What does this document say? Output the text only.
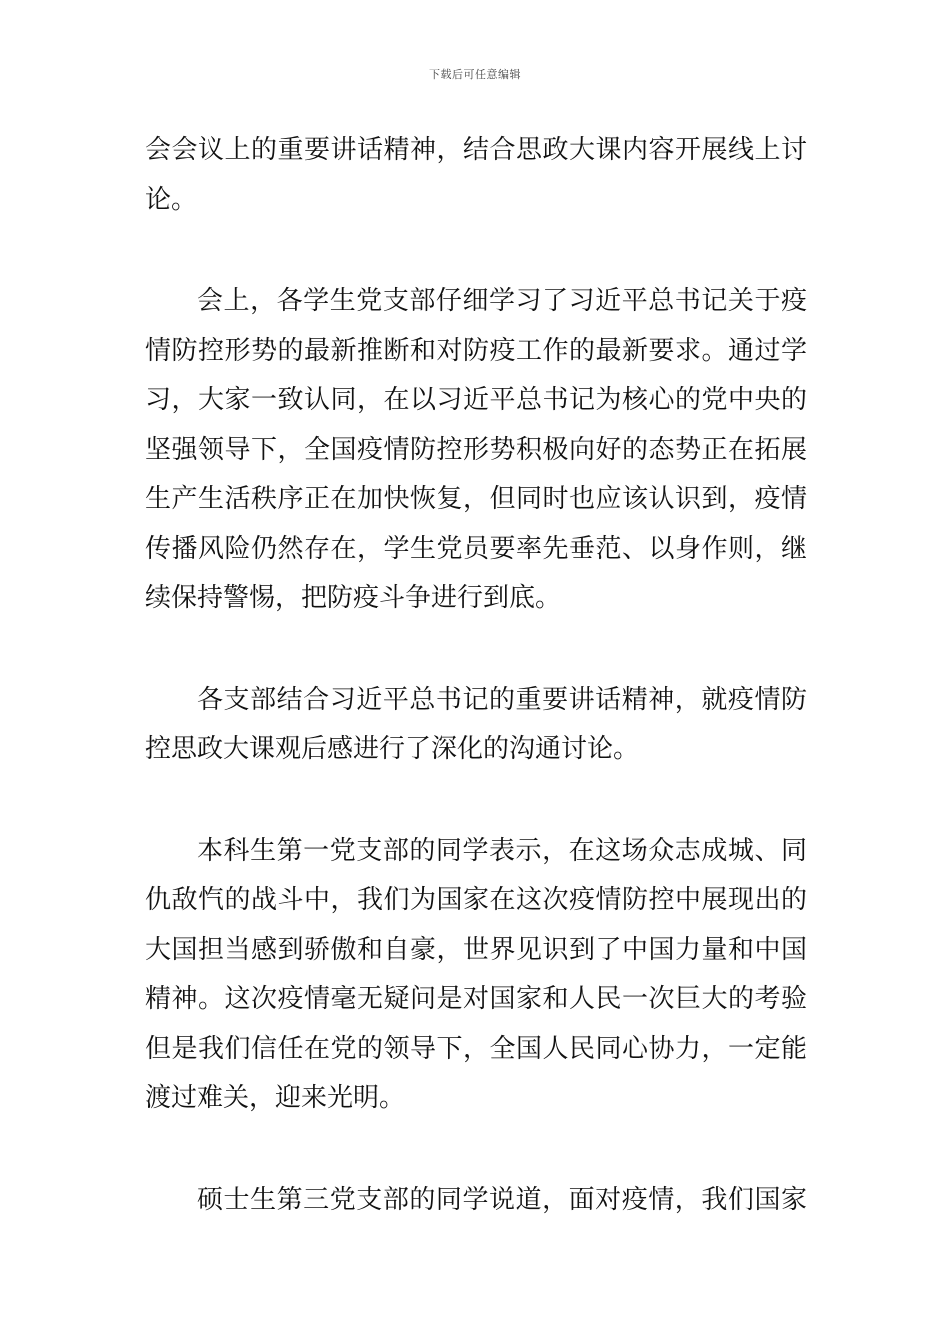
下载后可任意编辑
会会议上的重要讲话精神，结合思政大课内容开展线上讨
论。
会上，各学生党支部仔细学习了习近平总书记关于疫
情防控形势的最新推断和对防疫工作的最新要求。通过学
习，大家一致认同，在以习近平总书记为核心的党中央的
坚强领导下，全国疫情防控形势积极向好的态势正在拓展
生产生活秩序正在加快恢复，但同时也应该认识到，疫情
传播风险仍然存在，学生党员要率先垂范、以身作则，继
续保持警惕，把防疫斗争进行到底。
各支部结合习近平总书记的重要讲话精神，就疫情防
控思政大课观后感进行了深化的沟通讨论。
本科生第一党支部的同学表示，在这场众志成城、同
仇敌忾的战斗中，我们为国家在这次疫情防控中展现出的
大国担当感到骄傲和自豪，世界见识到了中国力量和中国
精神。这次疫情毫无疑问是对国家和人民一次巨大的考验
但是我们信任在党的领导下，全国人民同心协力，一定能
渡过难关，迎来光明。
硕士生第三党支部的同学说道，面对疫情，我们国家
